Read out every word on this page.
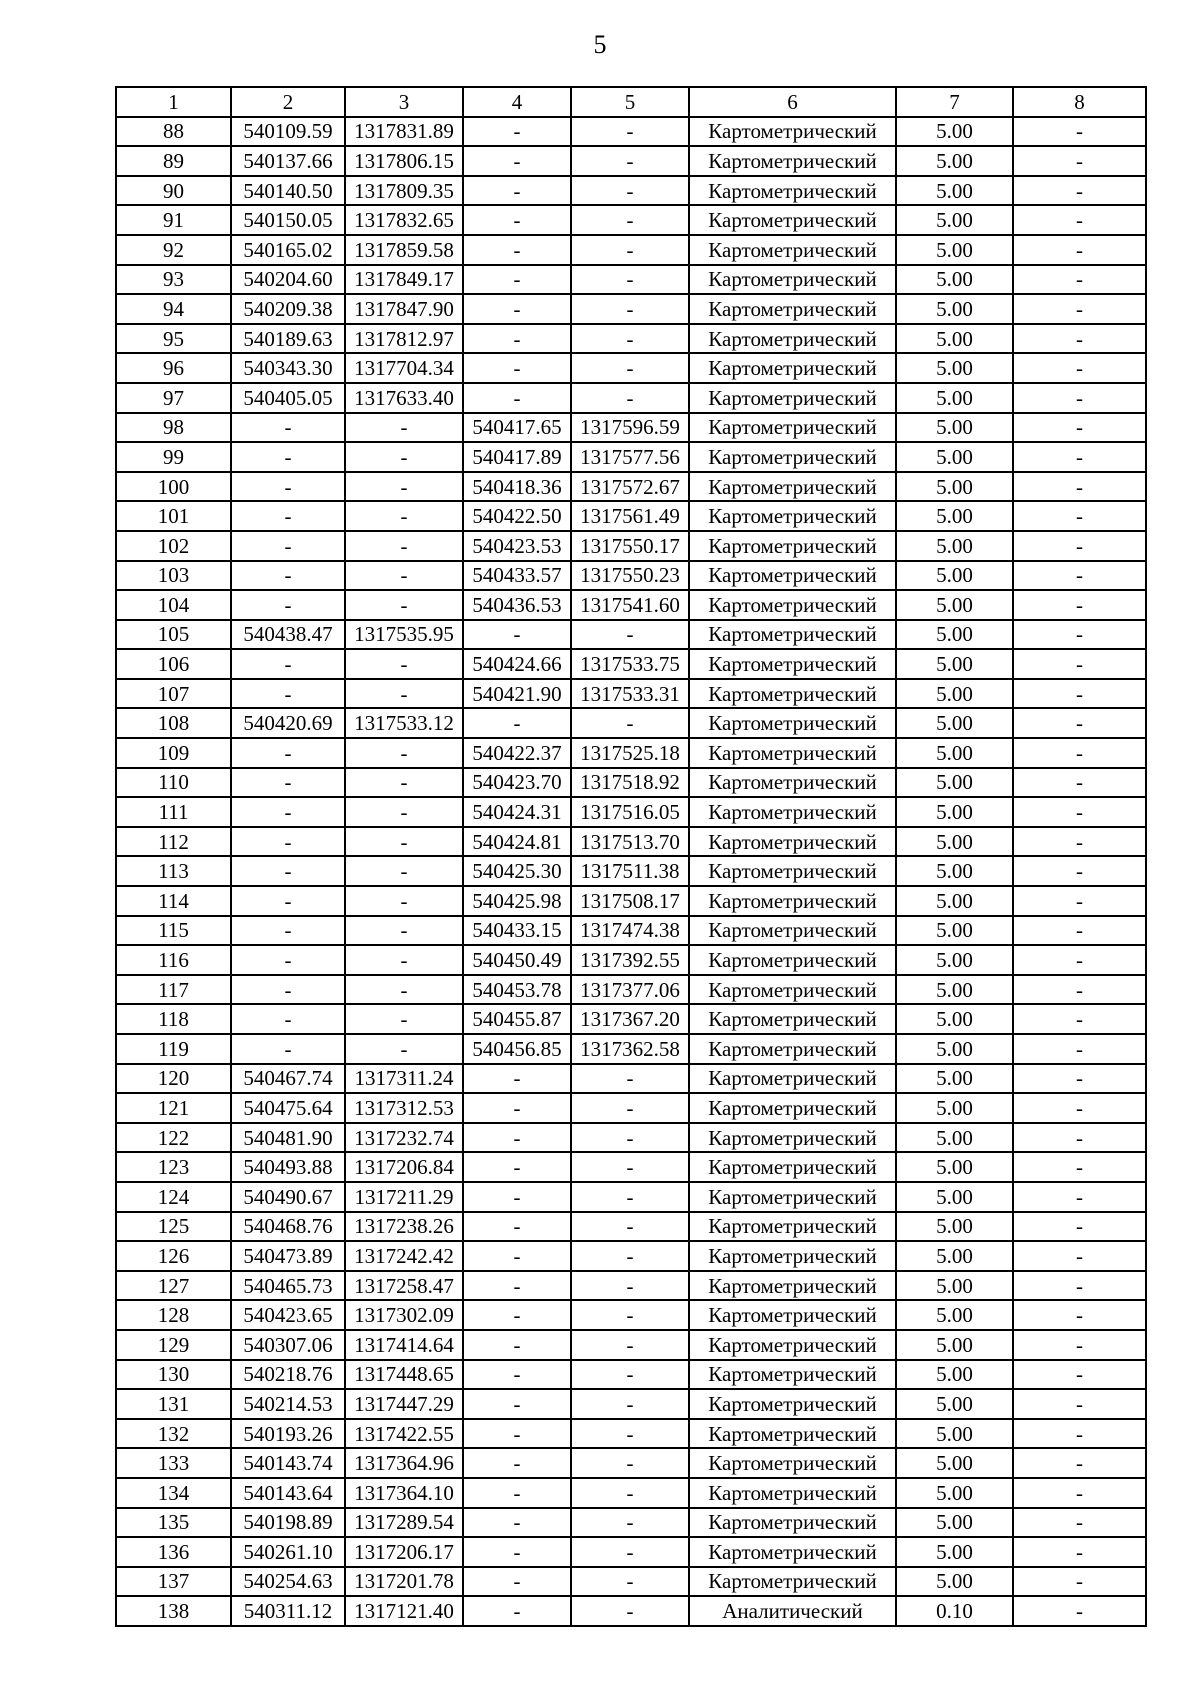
5
1	2	3	4	5	6	7	8
88	540109.59	1317831.89	-	-	Картометрический	5.00	-
89	540137.66	1317806.15	-	-	Картометрический	5.00	-
90	540140.50	1317809.35	-	-	Картометрический	5.00	-
91	540150.05	1317832.65	-	-	Картометрический	5.00	-
92	540165.02	1317859.58	-	-	Картометрический	5.00	-
93	540204.60	1317849.17	-	-	Картометрический	5.00	-
94	540209.38	1317847.90	-	-	Картометрический	5.00	-
95	540189.63	1317812.97	-	-	Картометрический	5.00	-
96	540343.30	1317704.34	-	-	Картометрический	5.00	-
97	540405.05	1317633.40	-	-	Картометрический	5.00	-
98	-	-	540417.65	1317596.59	Картометрический	5.00	-
99	-	-	540417.89	1317577.56	Картометрический	5.00	-
100	-	-	540418.36	1317572.67	Картометрический	5.00	-
101	-	-	540422.50	1317561.49	Картометрический	5.00	-
102	-	-	540423.53	1317550.17	Картометрический	5.00	-
103	-	-	540433.57	1317550.23	Картометрический	5.00	-
104	-	-	540436.53	1317541.60	Картометрический	5.00	-
105	540438.47	1317535.95	-	-	Картометрический	5.00	-
106	-	-	540424.66	1317533.75	Картометрический	5.00	-
107	-	-	540421.90	1317533.31	Картометрический	5.00	-
108	540420.69	1317533.12	-	-	Картометрический	5.00	-
109	-	-	540422.37	1317525.18	Картометрический	5.00	-
110	-	-	540423.70	1317518.92	Картометрический	5.00	-
111	-	-	540424.31	1317516.05	Картометрический	5.00	-
112	-	-	540424.81	1317513.70	Картометрический	5.00	-
113	-	-	540425.30	1317511.38	Картометрический	5.00	-
114	-	-	540425.98	1317508.17	Картометрический	5.00	-
115	-	-	540433.15	1317474.38	Картометрический	5.00	-
116	-	-	540450.49	1317392.55	Картометрический	5.00	-
117	-	-	540453.78	1317377.06	Картометрический	5.00	-
118	-	-	540455.87	1317367.20	Картометрический	5.00	-
119	-	-	540456.85	1317362.58	Картометрический	5.00	-
120	540467.74	1317311.24	-	-	Картометрический	5.00	-
121	540475.64	1317312.53	-	-	Картометрический	5.00	-
122	540481.90	1317232.74	-	-	Картометрический	5.00	-
123	540493.88	1317206.84	-	-	Картометрический	5.00	-
124	540490.67	1317211.29	-	-	Картометрический	5.00	-
125	540468.76	1317238.26	-	-	Картометрический	5.00	-
126	540473.89	1317242.42	-	-	Картометрический	5.00	-
127	540465.73	1317258.47	-	-	Картометрический	5.00	-
128	540423.65	1317302.09	-	-	Картометрический	5.00	-
129	540307.06	1317414.64	-	-	Картометрический	5.00	-
130	540218.76	1317448.65	-	-	Картометрический	5.00	-
131	540214.53	1317447.29	-	-	Картометрический	5.00	-
132	540193.26	1317422.55	-	-	Картометрический	5.00	-
133	540143.74	1317364.96	-	-	Картометрический	5.00	-
134	540143.64	1317364.10	-	-	Картометрический	5.00	-
135	540198.89	1317289.54	-	-	Картометрический	5.00	-
136	540261.10	1317206.17	-	-	Картометрический	5.00	-
137	540254.63	1317201.78	-	-	Картометрический	5.00	-
138	540311.12	1317121.40	-	-	Аналитический	0.10	-
